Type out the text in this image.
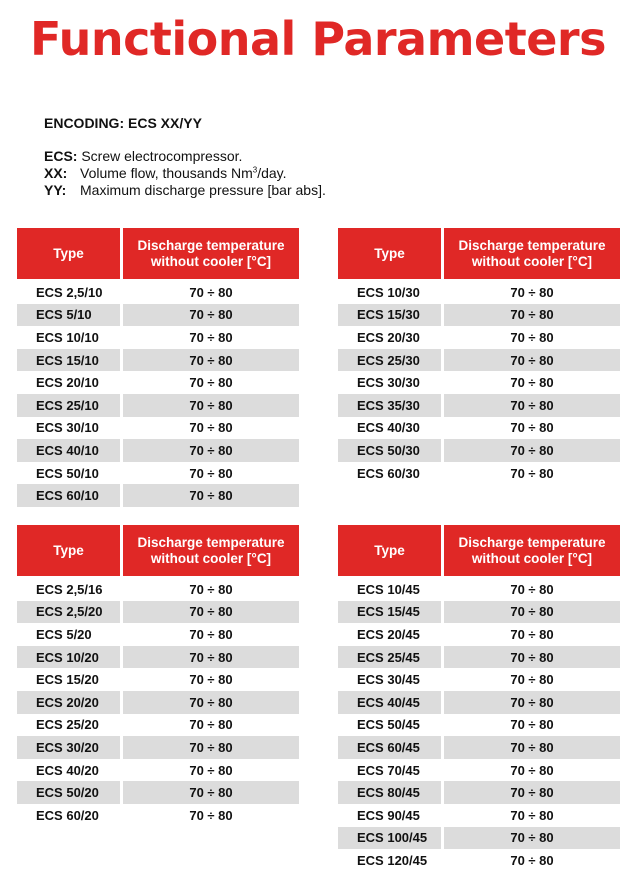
Functional Parameters
ENCODING: ECS XX/YY
ECS: Screw electrocompressor.
XX: Volume flow, thousands Nm$^3$/day.
YY: Maximum discharge pressure [bar abs].
Type
Discharge temperature
without cooler [°C]
ECS 2,5/10	70 ÷ 80
ECS 5/10	70 ÷ 80
ECS 10/10	70 ÷ 80
ECS 15/10	70 ÷ 80
ECS 20/10	70 ÷ 80
ECS 25/10	70 ÷ 80
ECS 30/10	70 ÷ 80
ECS 40/10	70 ÷ 80
ECS 50/10	70 ÷ 80
ECS 60/10	70 ÷ 80
Type
Discharge temperature
without cooler [°C]
ECS 10/30	70 ÷ 80
ECS 15/30	70 ÷ 80
ECS 20/30	70 ÷ 80
ECS 25/30	70 ÷ 80
ECS 30/30	70 ÷ 80
ECS 35/30	70 ÷ 80
ECS 40/30	70 ÷ 80
ECS 50/30	70 ÷ 80
ECS 60/30	70 ÷ 80
Type
Discharge temperature
without cooler [°C]
ECS 2,5/16	70 ÷ 80
ECS 2,5/20	70 ÷ 80
ECS 5/20	70 ÷ 80
ECS 10/20	70 ÷ 80
ECS 15/20	70 ÷ 80
ECS 20/20	70 ÷ 80
ECS 25/20	70 ÷ 80
ECS 30/20	70 ÷ 80
ECS 40/20	70 ÷ 80
ECS 50/20	70 ÷ 80
ECS 60/20	70 ÷ 80
Type
Discharge temperature
without cooler [°C]
ECS 10/45	70 ÷ 80
ECS 15/45	70 ÷ 80
ECS 20/45	70 ÷ 80
ECS 25/45	70 ÷ 80
ECS 30/45	70 ÷ 80
ECS 40/45	70 ÷ 80
ECS 50/45	70 ÷ 80
ECS 60/45	70 ÷ 80
ECS 70/45	70 ÷ 80
ECS 80/45	70 ÷ 80
ECS 90/45	70 ÷ 80
ECS 100/45	70 ÷ 80
ECS 120/45	70 ÷ 80
